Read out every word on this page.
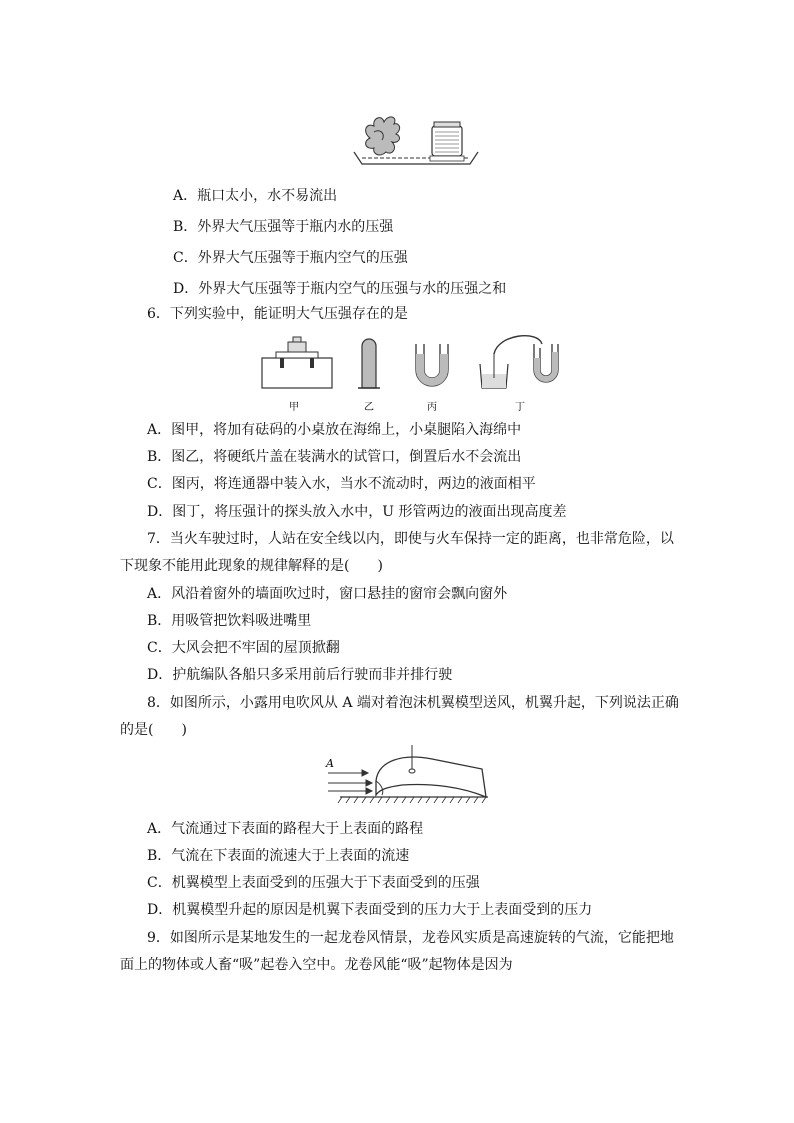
A．瓶口太小，水不易流出
B．外界大气压强等于瓶内水的压强
C．外界大气压强等于瓶内空气的压强
D．外界大气压强等于瓶内空气的压强与水的压强之和
6．下列实验中，能证明大气压强存在的是
甲	乙	丙	丁
A．图甲，将加有砝码的小桌放在海绵上，小桌腿陷入海绵中
B．图乙，将硬纸片盖在装满水的试管口，倒置后水不会流出
C．图丙，将连通器中装入水，当水不流动时，两边的液面相平
D．图丁，将压强计的探头放入水中，U 形管两边的液面出现高度差
7．当火车驶过时，人站在安全线以内，即使与火车保持一定的距离，也非常危险，以
下现象不能用此现象的规律解释的是(　　)
A．风沿着窗外的墙面吹过时，窗口悬挂的窗帘会飘向窗外
B．用吸管把饮料吸进嘴里
C．大风会把不牢固的屋顶掀翻
D．护航编队各船只多采用前后行驶而非并排行驶
8．如图所示，小露用电吹风从 A 端对着泡沫机翼模型送风，机翼升起，下列说法正确
的是(　　)
A
A．气流通过下表面的路程大于上表面的路程
B．气流在下表面的流速大于上表面的流速
C．机翼模型上表面受到的压强大于下表面受到的压强
D．机翼模型升起的原因是机翼下表面受到的压力大于上表面受到的压力
9．如图所示是某地发生的一起龙卷风情景，龙卷风实质是高速旋转的气流，它能把地
面上的物体或人畜“吸”起卷入空中。龙卷风能“吸”起物体是因为
